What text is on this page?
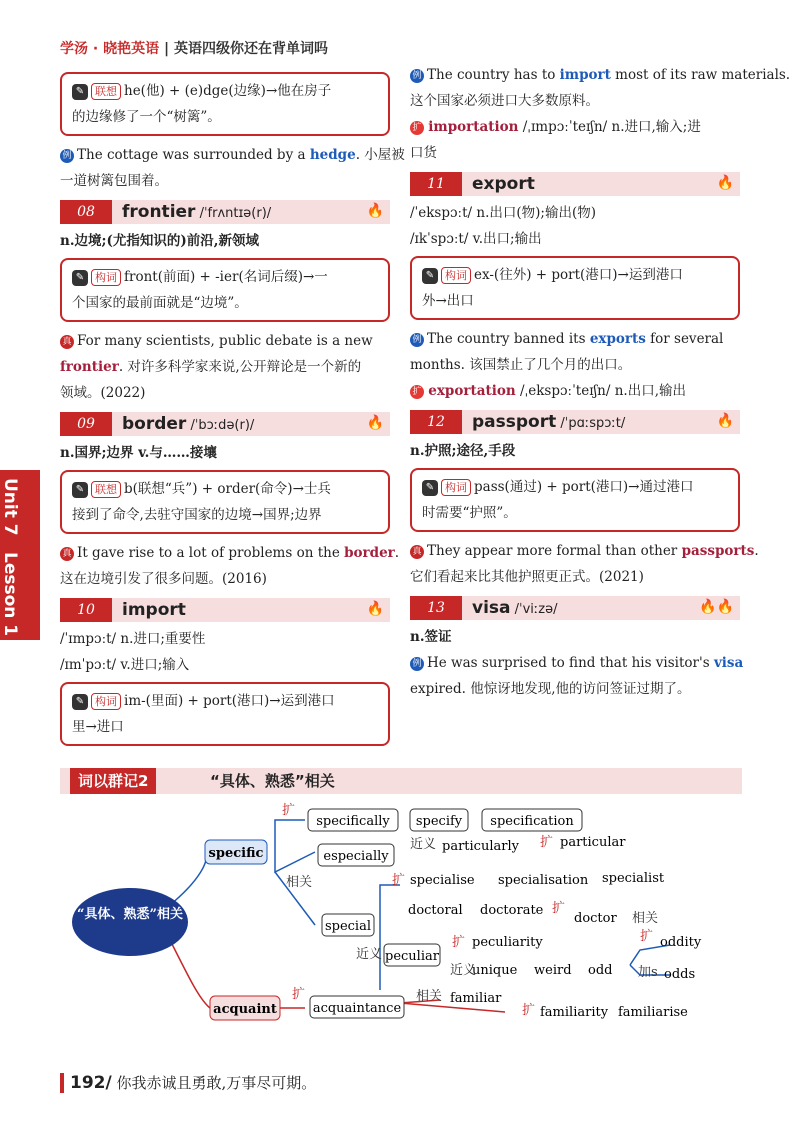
学汤 · 晓艳英语 | 英语四级你还在背单词吗
Unit 7
Lesson 1

✎ 联想 he(他) + (e)dge(边缘)→他在房子

的边缘修了一个“树篱”。

例 The cottage was surrounded by a hedge. 小屋被

一道树篱包围着。

08	frontier /ˈfrʌntɪə(r)/	🔥

n.边境;(尤指知识的)前沿,新领域

✎ 构词 front(前面) + -ier(名词后缀)→一

个国家的最前面就是“边境”。

真 For many scientists, public debate is a new

frontier. 对许多科学家来说,公开辩论是一个新的

领域。(2022)

09	border /ˈbɔːdə(r)/	🔥

n.国界;边界 v.与……接壤

✎ 联想 b(联想“兵”) + order(命令)→士兵

接到了命令,去驻守国家的边境→国界;边界

真 It gave rise to a lot of problems on the border.

这在边境引发了很多问题。(2016)

10	import	🔥

/ˈɪmpɔːt/ n.进口;重要性

/ɪmˈpɔːt/ v.进口;输入

✎ 构词 im-(里面) + port(港口)→运到港口

里→进口

例 The country has to import most of its raw materials.

这个国家必须进口大多数原料。

扩 importation /ˌɪmpɔːˈteɪʃn/ n.进口,输入;进

口货

11	export	🔥

/ˈekspɔːt/ n.出口(物);输出(物)

/ɪkˈspɔːt/ v.出口;输出

✎ 构词 ex-(往外) + port(港口)→运到港口

外→出口

例 The country banned its exports for several

months. 该国禁止了几个月的出口。

扩 exportation /ˌekspɔːˈteɪʃn/ n.出口,输出

12	passport /ˈpɑːspɔːt/	🔥

n.护照;途径,手段

✎ 构词 pass(通过) + port(港口)→通过港口

时需要“护照”。

真 They appear more formal than other passports.

它们看起来比其他护照更正式。(2021)

13	visa /ˈviːzə/	🔥🔥

n.签证

例 He was surprised to find that his visitor's visa

expired. 他惊讶地发现,他的访问签证过期了。

词以群记2	“具体、熟悉”相关
“具体、熟悉”相关
specific
acquaint
扩
相关
specifically specify specification
especially
近义 particularly 扩 particular
special
扩 specialise specialisation specialist
doctoral doctorate 扩
doctor 相关
近义 peculiar
扩 peculiarity
近义
unique weird odd
扩 oddity
加s odds
扩
acquaintance
相关 familiar
扩 familiarity familiarise
192/ 你我赤诚且勇敢,万事尽可期。
